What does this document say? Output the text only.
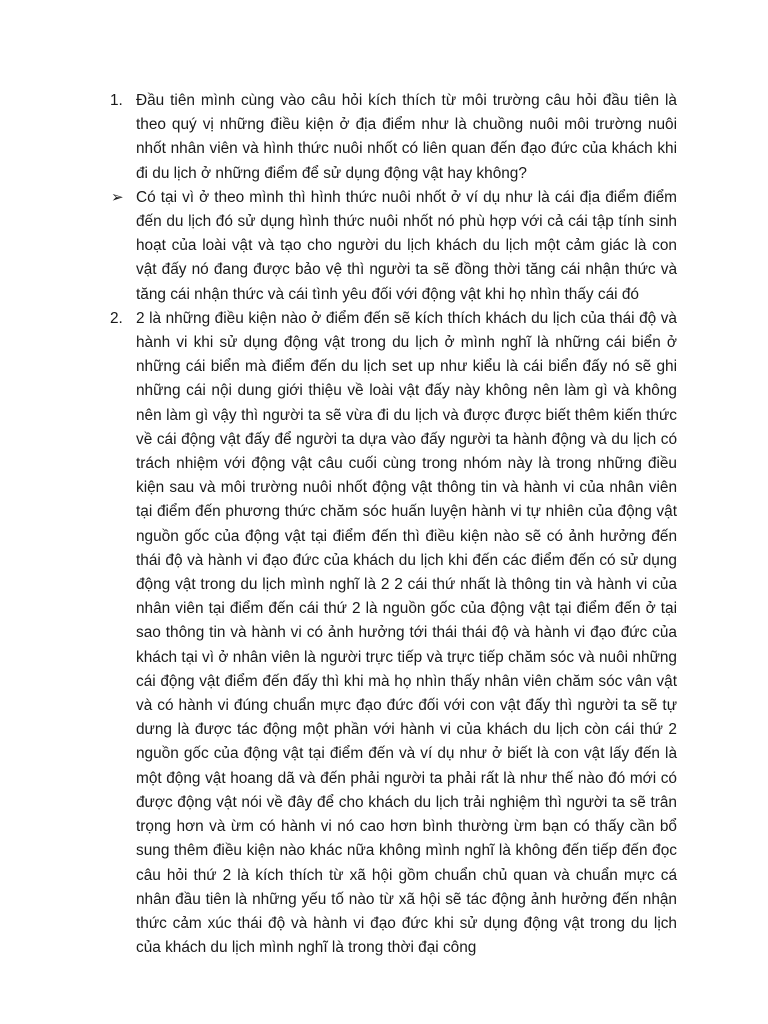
1. Đầu tiên mình cùng vào câu hỏi kích thích từ môi trường câu hỏi đầu tiên là theo quý vị những điều kiện ở địa điểm như là chuồng nuôi môi trường nuôi nhốt nhân viên và hình thức nuôi nhốt có liên quan đến đạo đức của khách khi đi du lịch ở những điểm để sử dụng động vật hay không?
➢ Có tại vì ở theo mình thì hình thức nuôi nhốt ở ví dụ như là cái địa điểm điểm đến du lịch đó sử dụng hình thức nuôi nhốt nó phù hợp với cả cái tập tính sinh hoạt của loài vật và tạo cho người du lịch khách du lịch một cảm giác là con vật đấy nó đang được bảo vệ thì người ta sẽ đồng thời tăng cái nhận thức và tăng cái nhận thức và cái tình yêu đối với động vật khi họ nhìn thấy cái đó
2. 2 là những điều kiện nào ở điểm đến sẽ kích thích khách du lịch của thái độ và hành vi khi sử dụng động vật trong du lịch ở mình nghĩ là những cái biển ở những cái biển mà điểm đến du lịch set up như kiểu là cái biển đấy nó sẽ ghi những cái nội dung giới thiệu về loài vật đấy này không nên làm gì và không nên làm gì vậy thì người ta sẽ vừa đi du lịch và được được biết thêm kiến thức về cái động vật đấy để người ta dựa vào đấy người ta hành động và du lịch có trách nhiệm với động vật câu cuối cùng trong nhóm này là trong những điều kiện sau và môi trường nuôi nhốt động vật thông tin và hành vi của nhân viên tại điểm đến phương thức chăm sóc huấn luyện hành vi tự nhiên của động vật nguồn gốc của động vật tại điểm đến thì điều kiện nào sẽ có ảnh hưởng đến thái độ và hành vi đạo đức của khách du lịch khi đến các điểm đến có sử dụng động vật trong du lịch mình nghĩ là 2 2 cái thứ nhất là thông tin và hành vi của nhân viên tại điểm đến cái thứ 2 là nguồn gốc của động vật tại điểm đến ở tại sao thông tin và hành vi có ảnh hưởng tới thái thái độ và hành vi đạo đức của khách tại vì ở nhân viên là người trực tiếp và trực tiếp chăm sóc và nuôi những cái động vật điểm đến đấy thì khi mà họ nhìn thấy nhân viên chăm sóc vân vật và có hành vi đúng chuẩn mực đạo đức đối với con vật đấy thì người ta sẽ tự dưng là được tác động một phần với hành vi của khách du lịch còn cái thứ 2 nguồn gốc của động vật tại điểm đến và ví dụ như ở biết là con vật lấy đến là một động vật hoang dã và đến phải người ta phải rất là như thế nào đó mới có được động vật nói về đây để cho khách du lịch trải nghiệm thì người ta sẽ trân trọng hơn và ừm có hành vi nó cao hơn bình thường ừm bạn có thấy cần bổ sung thêm điều kiện nào khác nữa không mình nghĩ là không đến tiếp đến đọc câu hỏi thứ 2 là kích thích từ xã hội gồm chuẩn chủ quan và chuẩn mực cá nhân đầu tiên là những yếu tố nào từ xã hội sẽ tác động ảnh hưởng đến nhận thức cảm xúc thái độ và hành vi đạo đức khi sử dụng động vật trong du lịch của khách du lịch mình nghĩ là trong thời đại công
